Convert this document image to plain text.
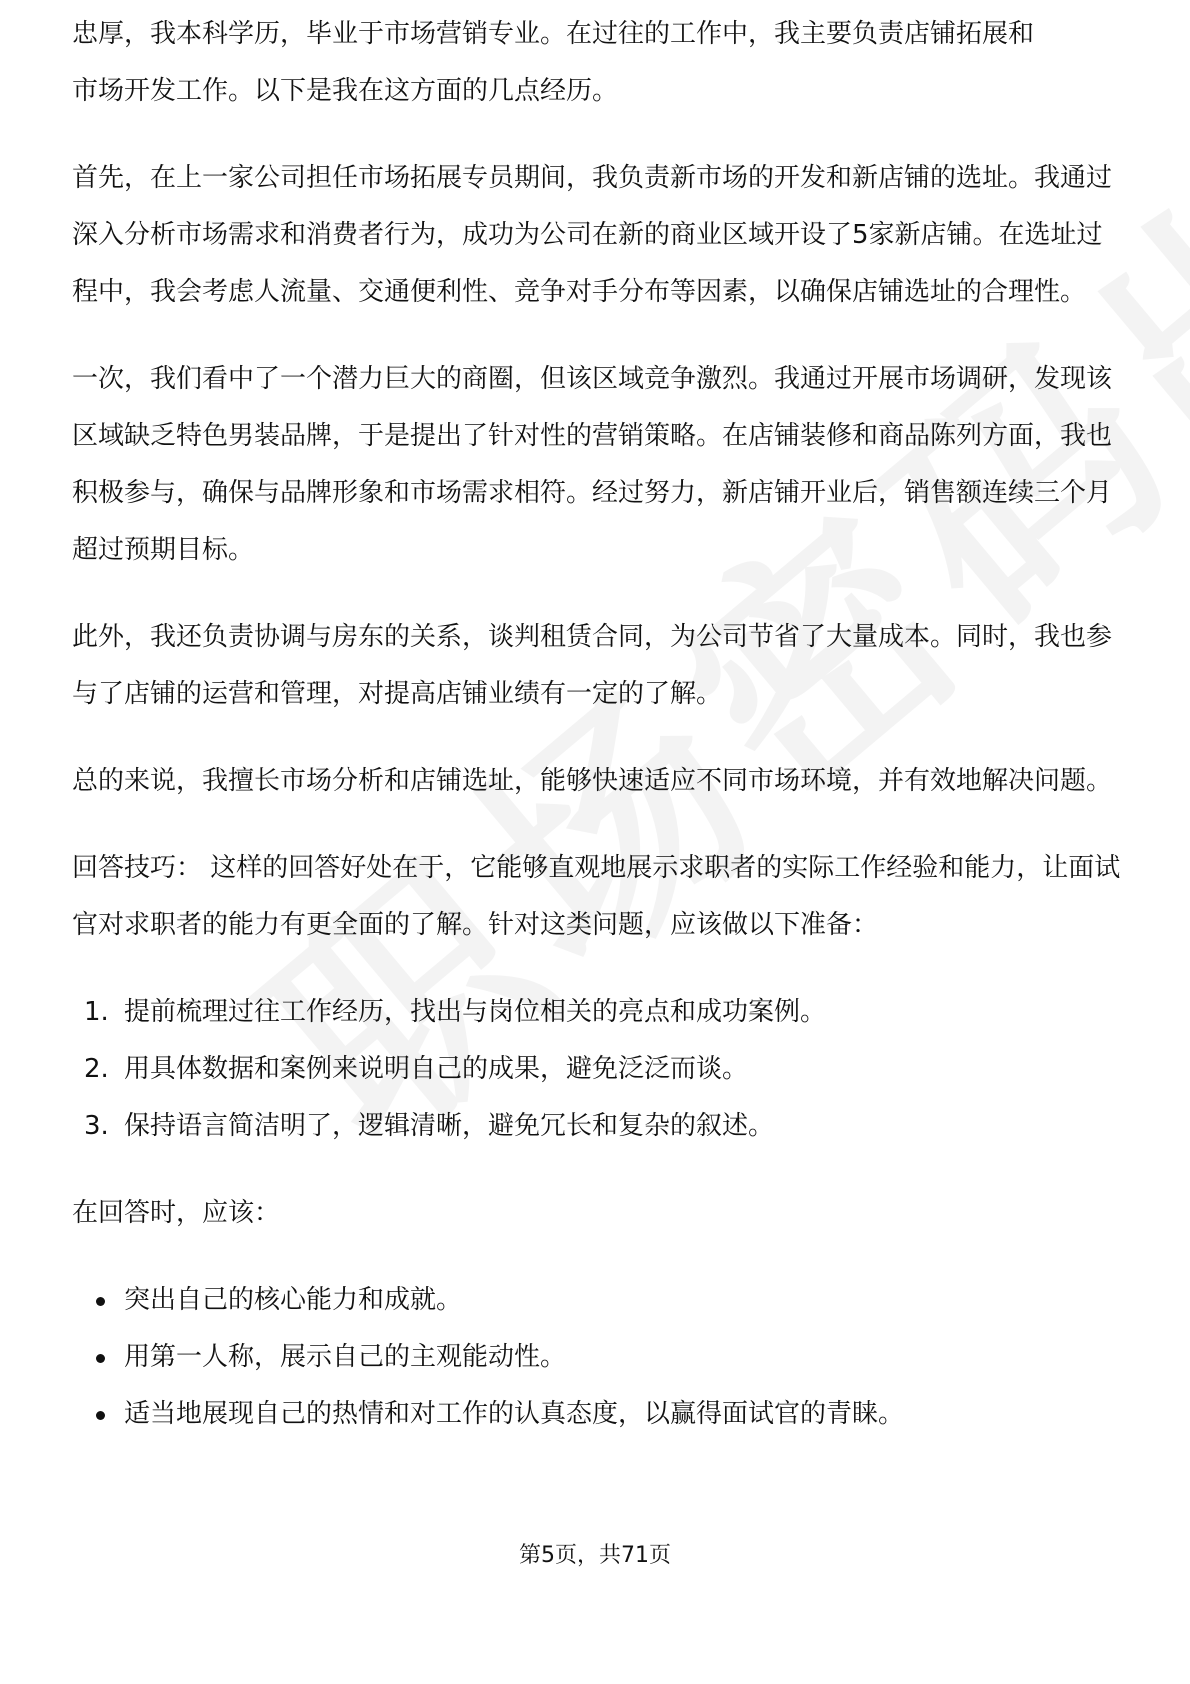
忠厚，我本科学历，毕业于市场营销专业。在过往的工作中，我主要负责店铺拓展和

市场开发工作。以下是我在这方面的几点经历。

首先，在上一家公司担任市场拓展专员期间，我负责新市场的开发和新店铺的选址。我通过深入分析市场需求和消费者行为，成功为公司在新的商业区域开设了5家新店铺。在选址过程中，我会考虑人流量、交通便利性、竞争对手分布等因素，以确保店铺选址的合理性。

一次，我们看中了一个潜力巨大的商圈，但该区域竞争激烈。我通过开展市场调研，发现该区域缺乏特色男装品牌，于是提出了针对性的营销策略。在店铺装修和商品陈列方面，我也积极参与，确保与品牌形象和市场需求相符。经过努力，新店铺开业后，销售额连续三个月超过预期目标。

此外，我还负责协调与房东的关系，谈判租赁合同，为公司节省了大量成本。同时，我也参与了店铺的运营和管理，对提高店铺业绩有一定的了解。

总的来说，我擅长市场分析和店铺选址，能够快速适应不同市场环境，并有效地解决问题。

回答技巧： 这样的回答好处在于，它能够直观地展示求职者的实际工作经验和能力，让面试官对求职者的能力有更全面的了解。针对这类问题，应该做以下准备：

1. 提前梳理过往工作经历，找出与岗位相关的亮点和成功案例。
2. 用具体数据和案例来说明自己的成果，避免泛泛而谈。
3. 保持语言简洁明了，逻辑清晰，避免冗长和复杂的叙述。

在回答时，应该：

突出自己的核心能力和成就。
用第一人称，展示自己的主观能动性。
适当地展现自己的热情和对工作的认真态度，以赢得面试官的青睐。
第5页，共71页
